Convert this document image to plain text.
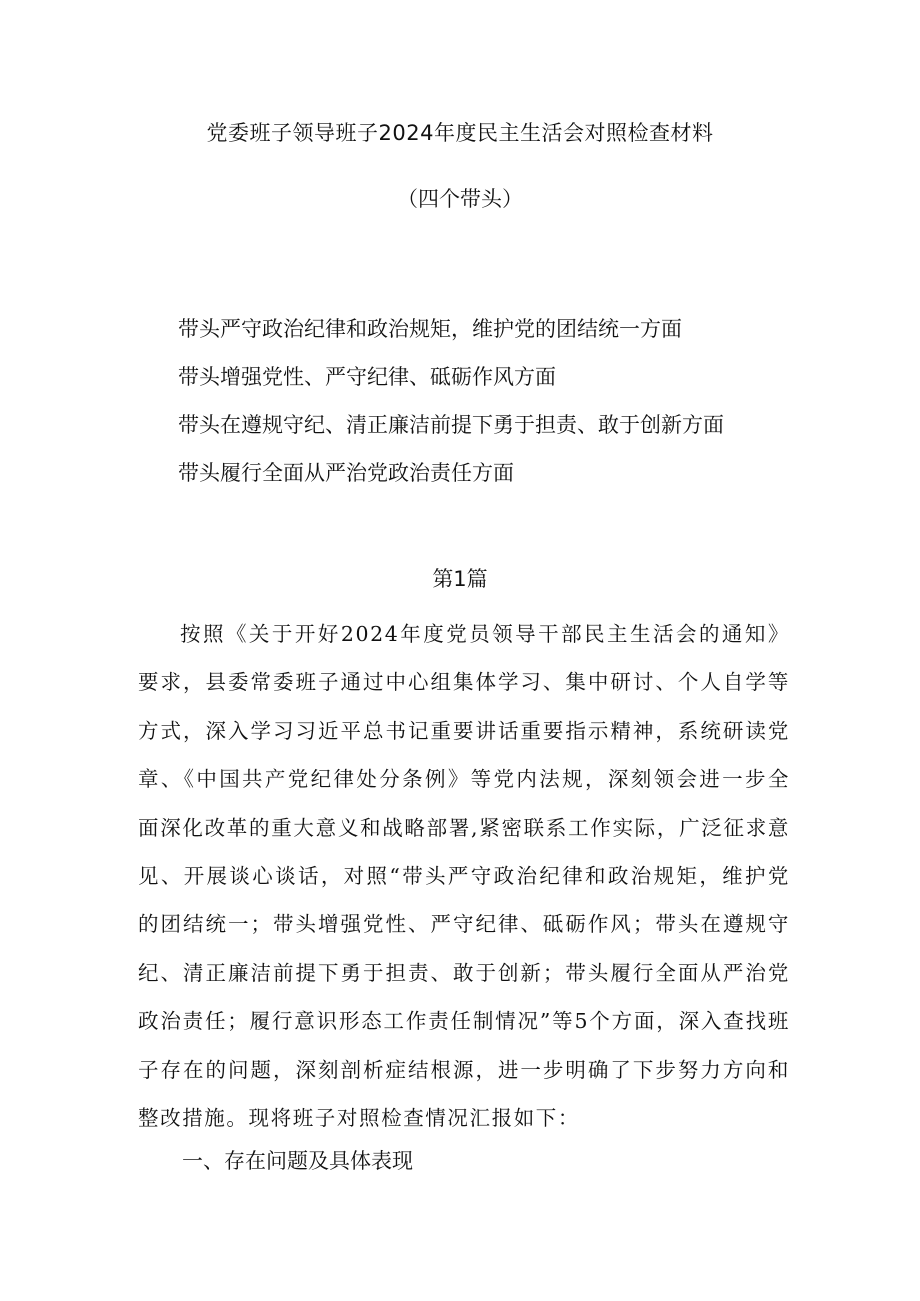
党委班子领导班子2024年度民主生活会对照检查材料
（四个带头）
带头严守政治纪律和政治规矩，维护党的团结统一方面
带头增强党性、严守纪律、砥砺作风方面
带头在遵规守纪、清正廉洁前提下勇于担责、敢于创新方面
带头履行全面从严治党政治责任方面
第1篇
按照《关于开好2024年度党员领导干部民主生活会的通知》要求，县委常委班子通过中心组集体学习、集中研讨、个人自学等方式，深入学习习近平总书记重要讲话重要指示精神，系统研读党章、《中国共产党纪律处分条例》等党内法规，深刻领会进一步全面深化改革的重大意义和战略部署,紧密联系工作实际，广泛征求意见、开展谈心谈话，对照“带头严守政治纪律和政治规矩，维护党的团结统一；带头增强党性、严守纪律、砥砺作风；带头在遵规守纪、清正廉洁前提下勇于担责、敢于创新；带头履行全面从严治党政治责任；履行意识形态工作责任制情况”等5个方面，深入查找班子存在的问题，深刻剖析症结根源，进一步明确了下步努力方向和整改措施。现将班子对照检查情况汇报如下：
一、存在问题及具体表现
